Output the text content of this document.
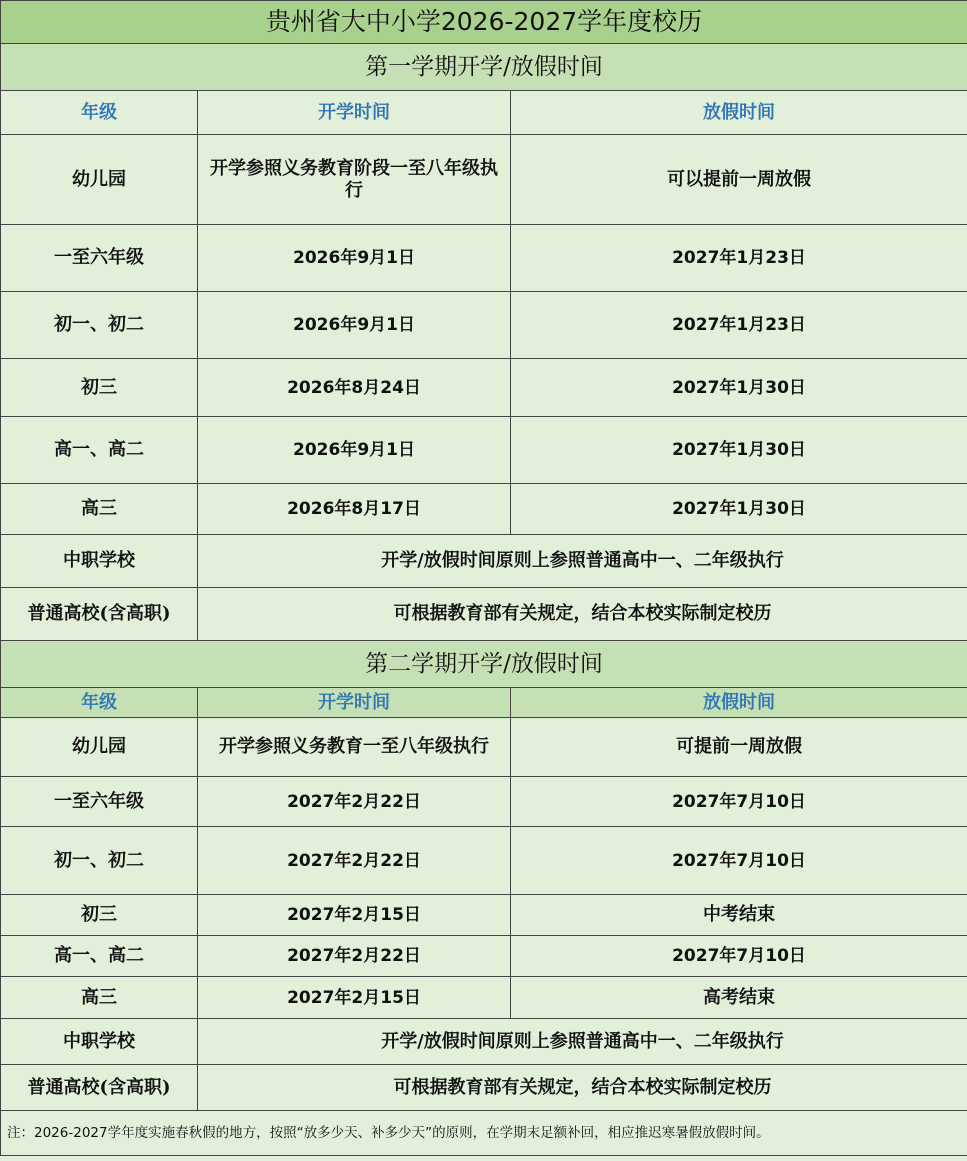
贵州省大中小学2026-2027学年度校历		
第一学期开学/放假时间		
年级	开学时间	放假时间
幼儿园	开学参照义务教育阶段一至八年级执行	可以提前一周放假
一至六年级	2026年9月1日	2027年1月23日
初一、初二	2026年9月1日	2027年1月23日
初三	2026年8月24日	2027年1月30日
高一、高二	2026年9月1日	2027年1月30日
高三	2026年8月17日	2027年1月30日
中职学校	开学/放假时间原则上参照普通高中一、二年级执行	
普通高校(含高职)	可根据教育部有关规定，结合本校实际制定校历	
第二学期开学/放假时间		
年级	开学时间	放假时间
幼儿园	开学参照义务教育一至八年级执行	可提前一周放假
一至六年级	2027年2月22日	2027年7月10日
初一、初二	2027年2月22日	2027年7月10日
初三	2027年2月15日	中考结束
高一、高二	2027年2月22日	2027年7月10日
高三	2027年2月15日	高考结束
中职学校	开学/放假时间原则上参照普通高中一、二年级执行	
普通高校(含高职)	可根据教育部有关规定，结合本校实际制定校历	
注：2026-2027学年度实施春秋假的地方，按照“放多少天、补多少天”的原则，在学期末足额补回，相应推迟寒暑假放假时间。		
